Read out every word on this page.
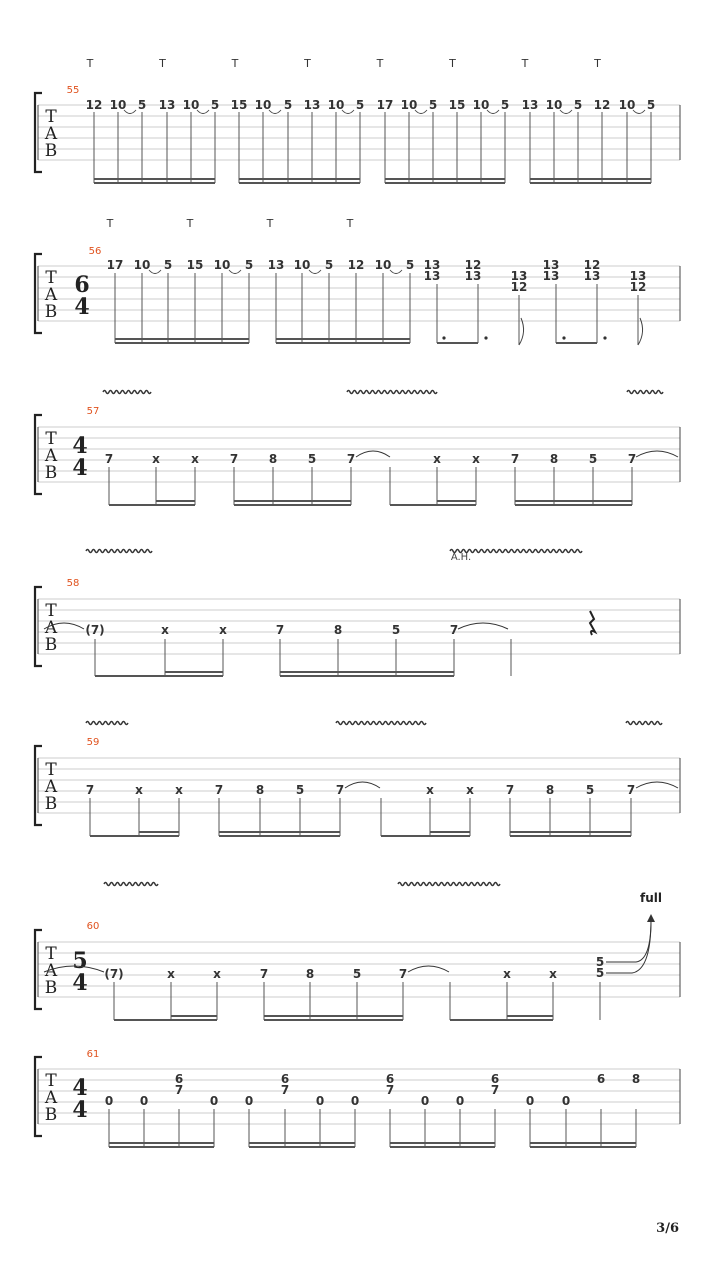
T
A
B
55
12 10 5 13 10 5 15 10 5 13 10 5 17 10 5 15 10 5 13 10 5 12 10 5
T	T	T	T	T	T	T	T
T
A
B
56
6
4
T	T	T	T
17 10 5 15 10 5 13 10 5 12 10 5 13
13
12
13 13
12
13
13
12
13 13
12
T
A
B
57
4
4 7	x	x	7	8	5	7	x	x	7	8	5	7
T
A
B
58
(7)	x	x	7	8	5	7
A.H.
T
A
B
59
7	x	x	7	8	5	7	x	x	7	8	5	7
T
A
B
60
5
4 (7)	x	x	7	8	5	7	x	x
5
5
full
T
A
B
61
4
4 0 0
6
7
0 0
6
7
0 0
6
7
0 0
6
7
0 0
6 8
3/6
